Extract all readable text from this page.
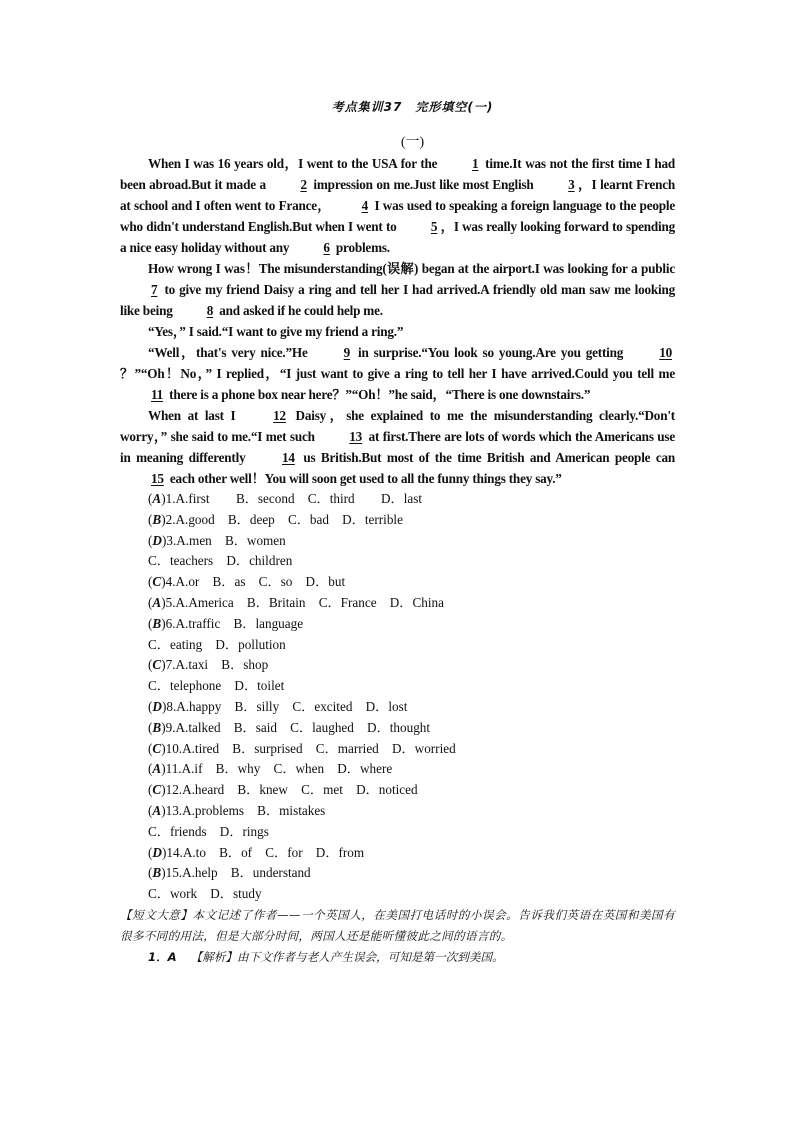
考点集训37　完形填空(一)
(一)

When I was 16 years old，I went to the USA for the 1 time.It was not the first time I had been abroad.But it made a 2 impression on me.Just like most English 3 ，I learnt French at school and I often went to France， 4 I was used to speaking a foreign language to the people who didn't understand English.But when I went to 5 ，I was really looking forward to spending a nice easy holiday without any 6 problems.

How wrong I was！The misunderstanding(误解) began at the airport.I was looking for a public 7 to give my friend Daisy a ring and tell her I had arrived.A friendly old man saw me looking like being 8 and asked if he could help me.

“Yes，” I said.“I want to give my friend a ring.”

“Well，that's very nice.”He 9 in surprise.“You look so young.Are you getting 10？”“Oh！No，” I replied，“I just want to give a ring to tell her I have arrived.Could you tell me 11 there is a phone box near here？”“Oh！”he said，“There is one downstairs.”

When at last I 12 Daisy，she explained to me the misunderstanding clearly.“Don't worry，” she said to me.“I met such 13 at first.There are lots of words which the Americans use in meaning differently 14 us British.But most of the time British and American people can 15 each other well！You will soon get used to all the funny things they say.”

(A)1.A.first　　B．second　C．third　　D．last
(B)2.A.good　B．deep　C．bad　D．terrible
(D)3.A.men　B．women
C．teachers　D．children
(C)4.A.or　B．as　C．so　D．but
(A)5.A.America　B．Britain　C．France　D．China
(B)6.A.traffic　B．language
C．eating　D．pollution
(C)7.A.taxi　B．shop
C．telephone　D．toilet
(D)8.A.happy　B．silly　C．excited　D．lost
(B)9.A.talked　B．said　C．laughed　D．thought
(C)10.A.tired　B．surprised　C．married　D．worried
(A)11.A.if　B．why　C．when　D．where
(C)12.A.heard　B．knew　C．met　D．noticed
(A)13.A.problems　B．mistakes
C．friends　D．rings
(D)14.A.to　B．of　C．for　D．from
(B)15.A.help　B．understand
C．work　D．study
【短文大意】本文记述了作者——一个英国人，在美国打电话时的小误会。告诉我们英语在英国和美国有很多不同的用法，但是大部分时间，两国人还是能听懂彼此之间的语言的。
1．A 【解析】由下文作者与老人产生误会，可知是第一次到美国。
